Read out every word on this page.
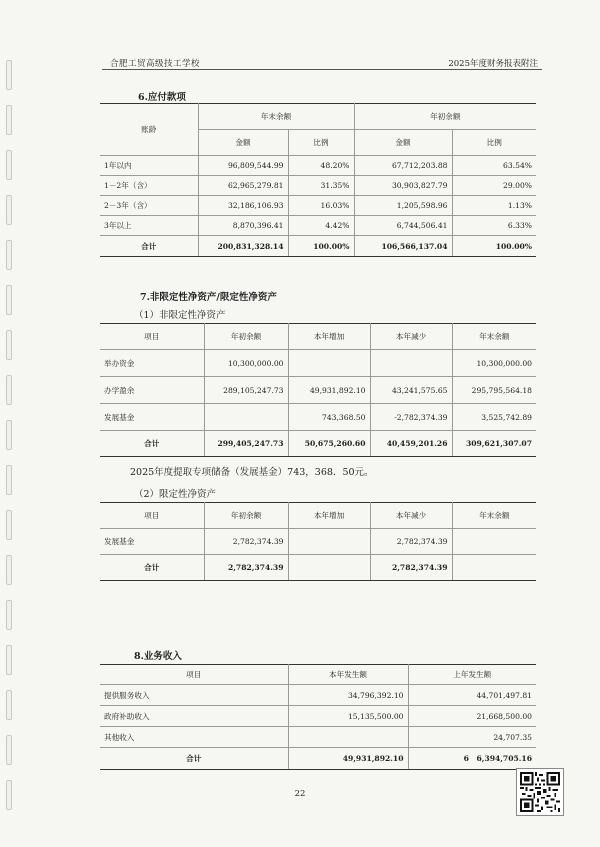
合肥工贸高级技工学校	2025年度财务报表附注
6.应付款项
账龄	年末余额		年初余额	
	金额	比例	金额	比例
1年以内	96,809,544.99	48.20%	67,712,203.88	63.54%
1－2年（含）	62,965,279.81	31.35%	30,903,827.79	29.00%
2－3年（含）	32,186,106.93	16.03%	1,205,598.96	1.13%
3年以上	8,870,396.41	4.42%	6,744,506.41	6.33%
合计	200,831,328.14	100.00%	106,566,137.04	100.00%
7.非限定性净资产/限定性净资产
（1）非限定性净资产
项目	年初余额	本年增加	本年减少	年末余额
举办资金	10,300,000.00			10,300,000.00
办学盈余	289,105,247.73	49,931,892.10	43,241,575.65	295,795,564.18
发展基金		743,368.50	-2,782,374.39	3,525,742.89
合计	299,405,247.73	50,675,260.60	40,459,201.26	309,621,307.07
2025年度提取专项储备（发展基金）743，368．50元。
（2）限定性净资产
项目	年初余额	本年增加	本年减少	年末余额
发展基金	2,782,374.39		2,782,374.39	
合计	2,782,374.39		2,782,374.39	
8.业务收入
项目	本年发生额	上年发生额
提供服务收入	34,796,392.10	44,701,497.81
政府补助收入	15,135,500.00	21,668,500.00
其他收入		24,707.35
合计	49,931,892.10	6　6,394,705.16
22
